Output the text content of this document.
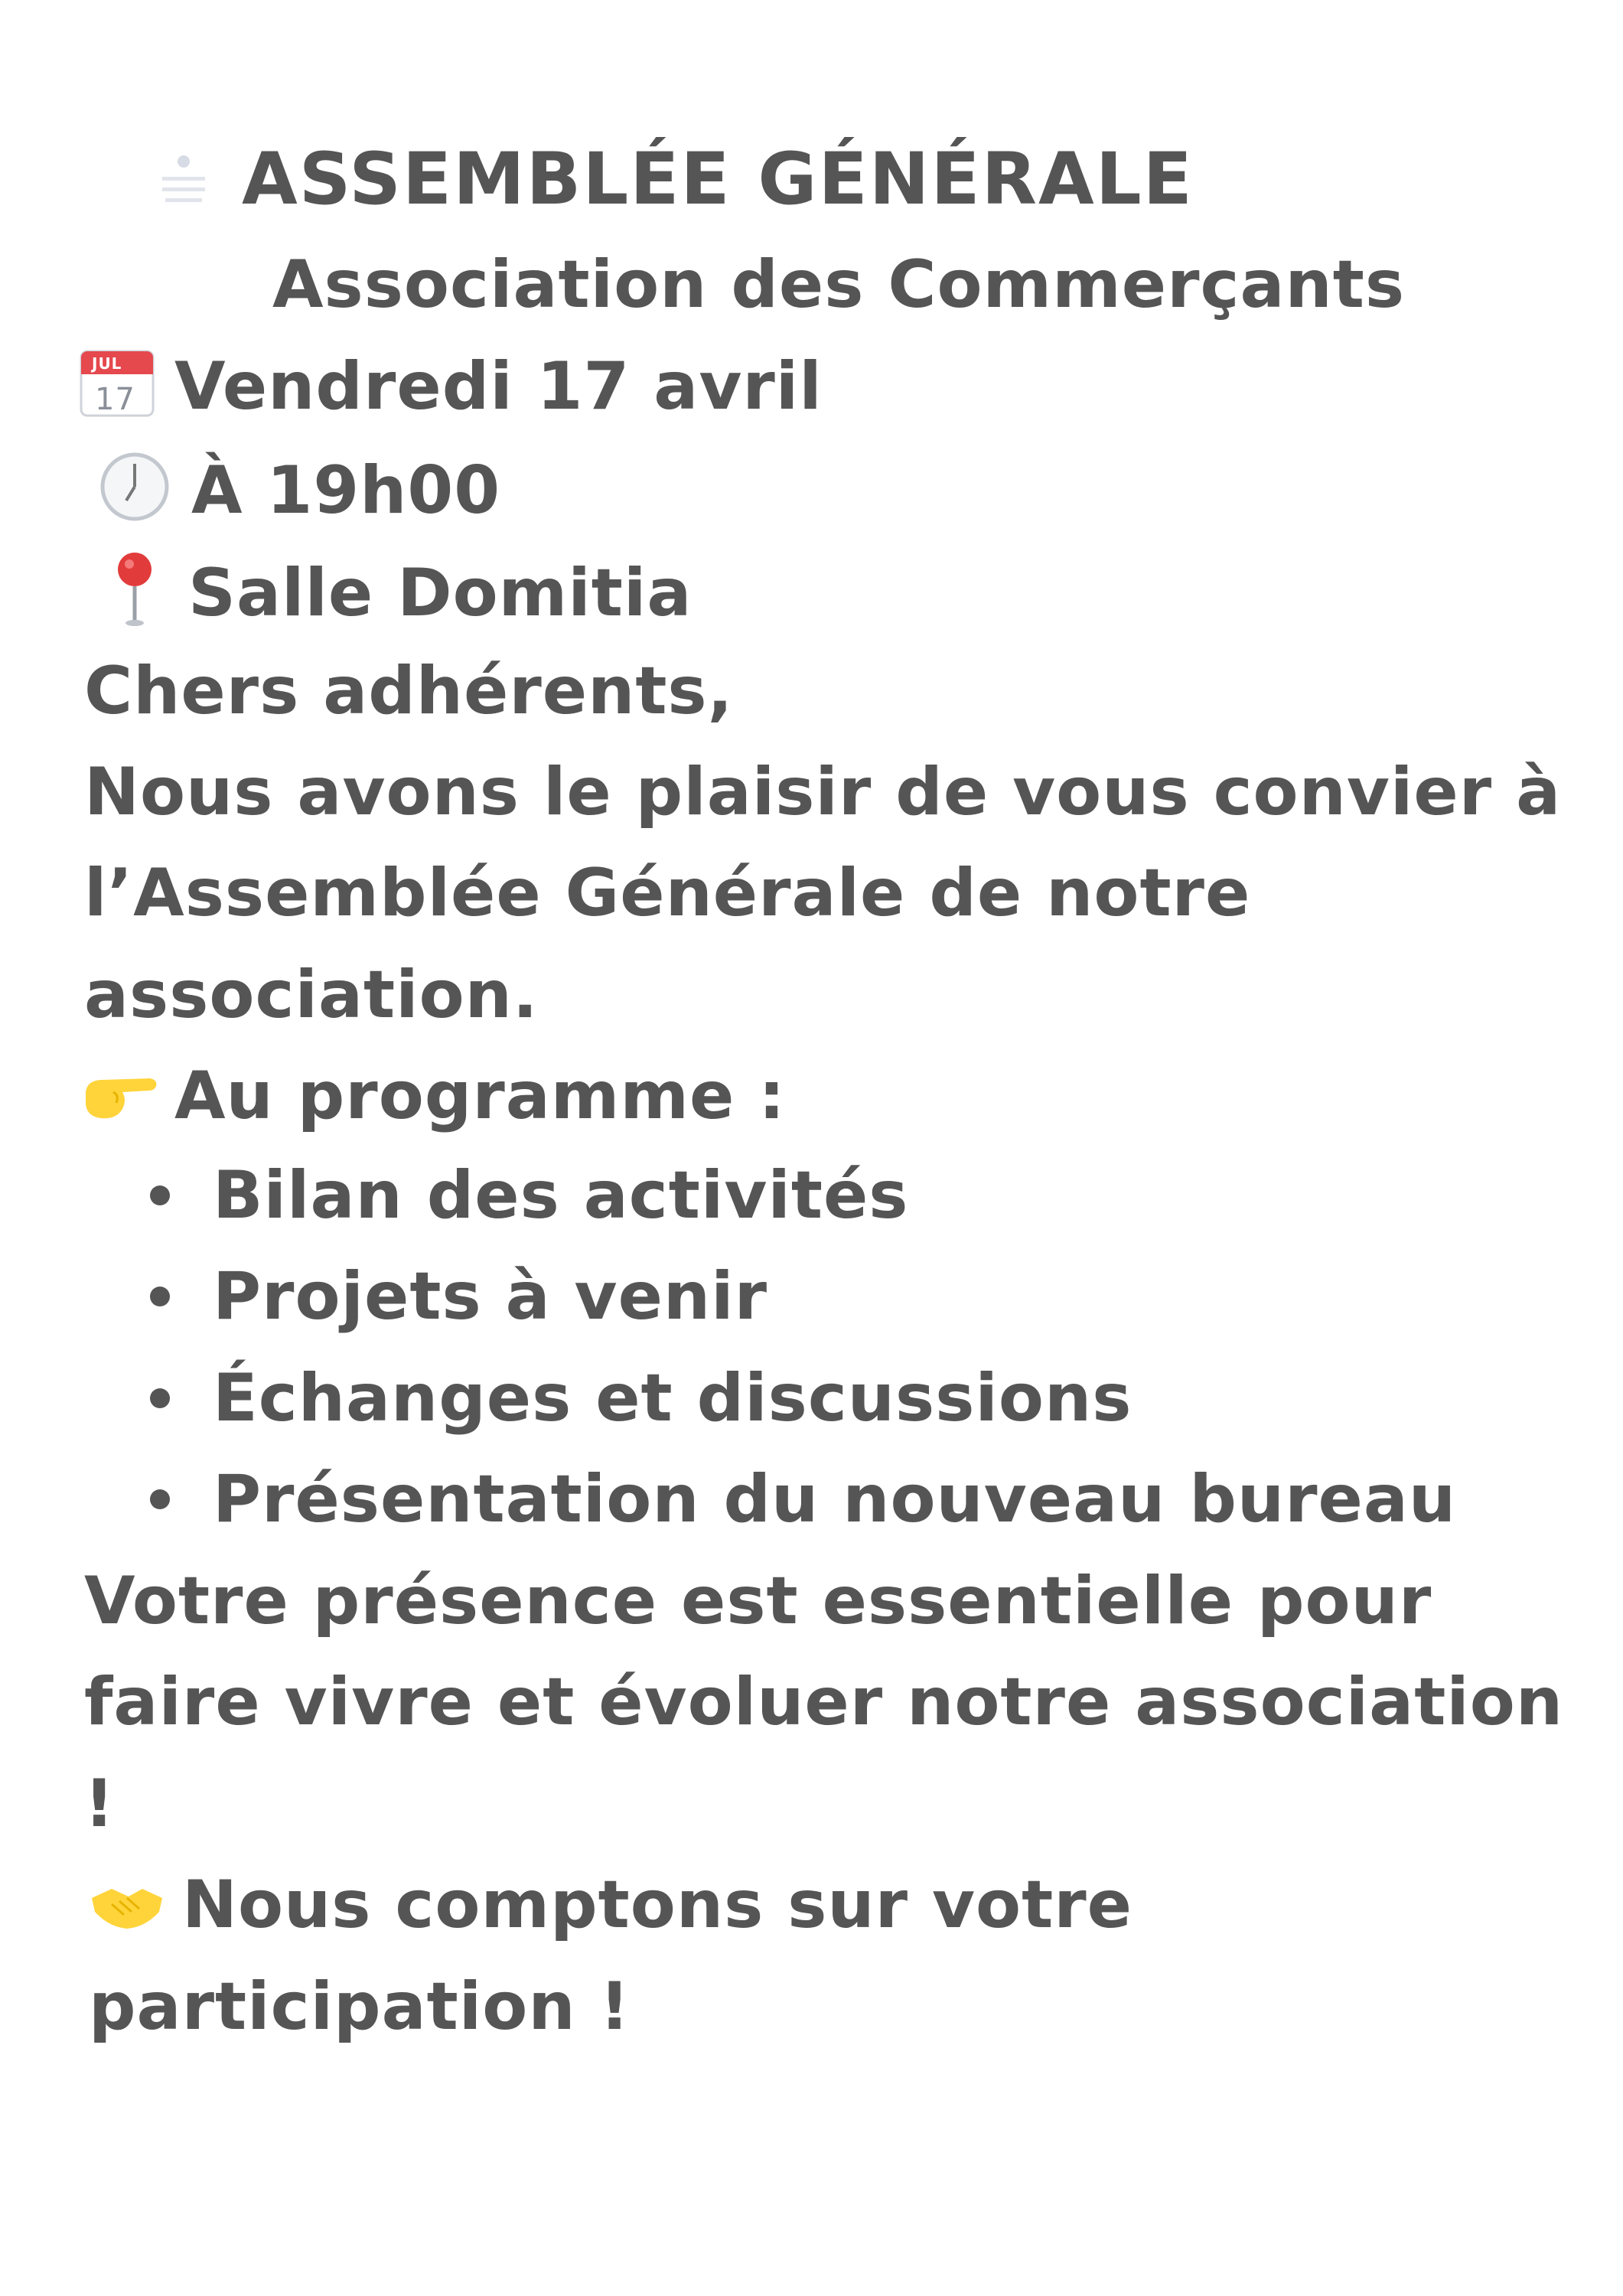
ASSEMBLÉE GÉNÉRALE
Association des Commerçants
JUL
17 Vendredi 17 avril
À 19h00
Salle Domitia
Chers adhérents,
Nous avons le plaisir de vous convier à
l’Assemblée Générale de notre
association.
Au programme :
Bilan des activités
Projets à venir
Échanges et discussions
Présentation du nouveau bureau
Votre présence est essentielle pour
faire vivre et évoluer notre association
!
Nous comptons sur votre
participation !
